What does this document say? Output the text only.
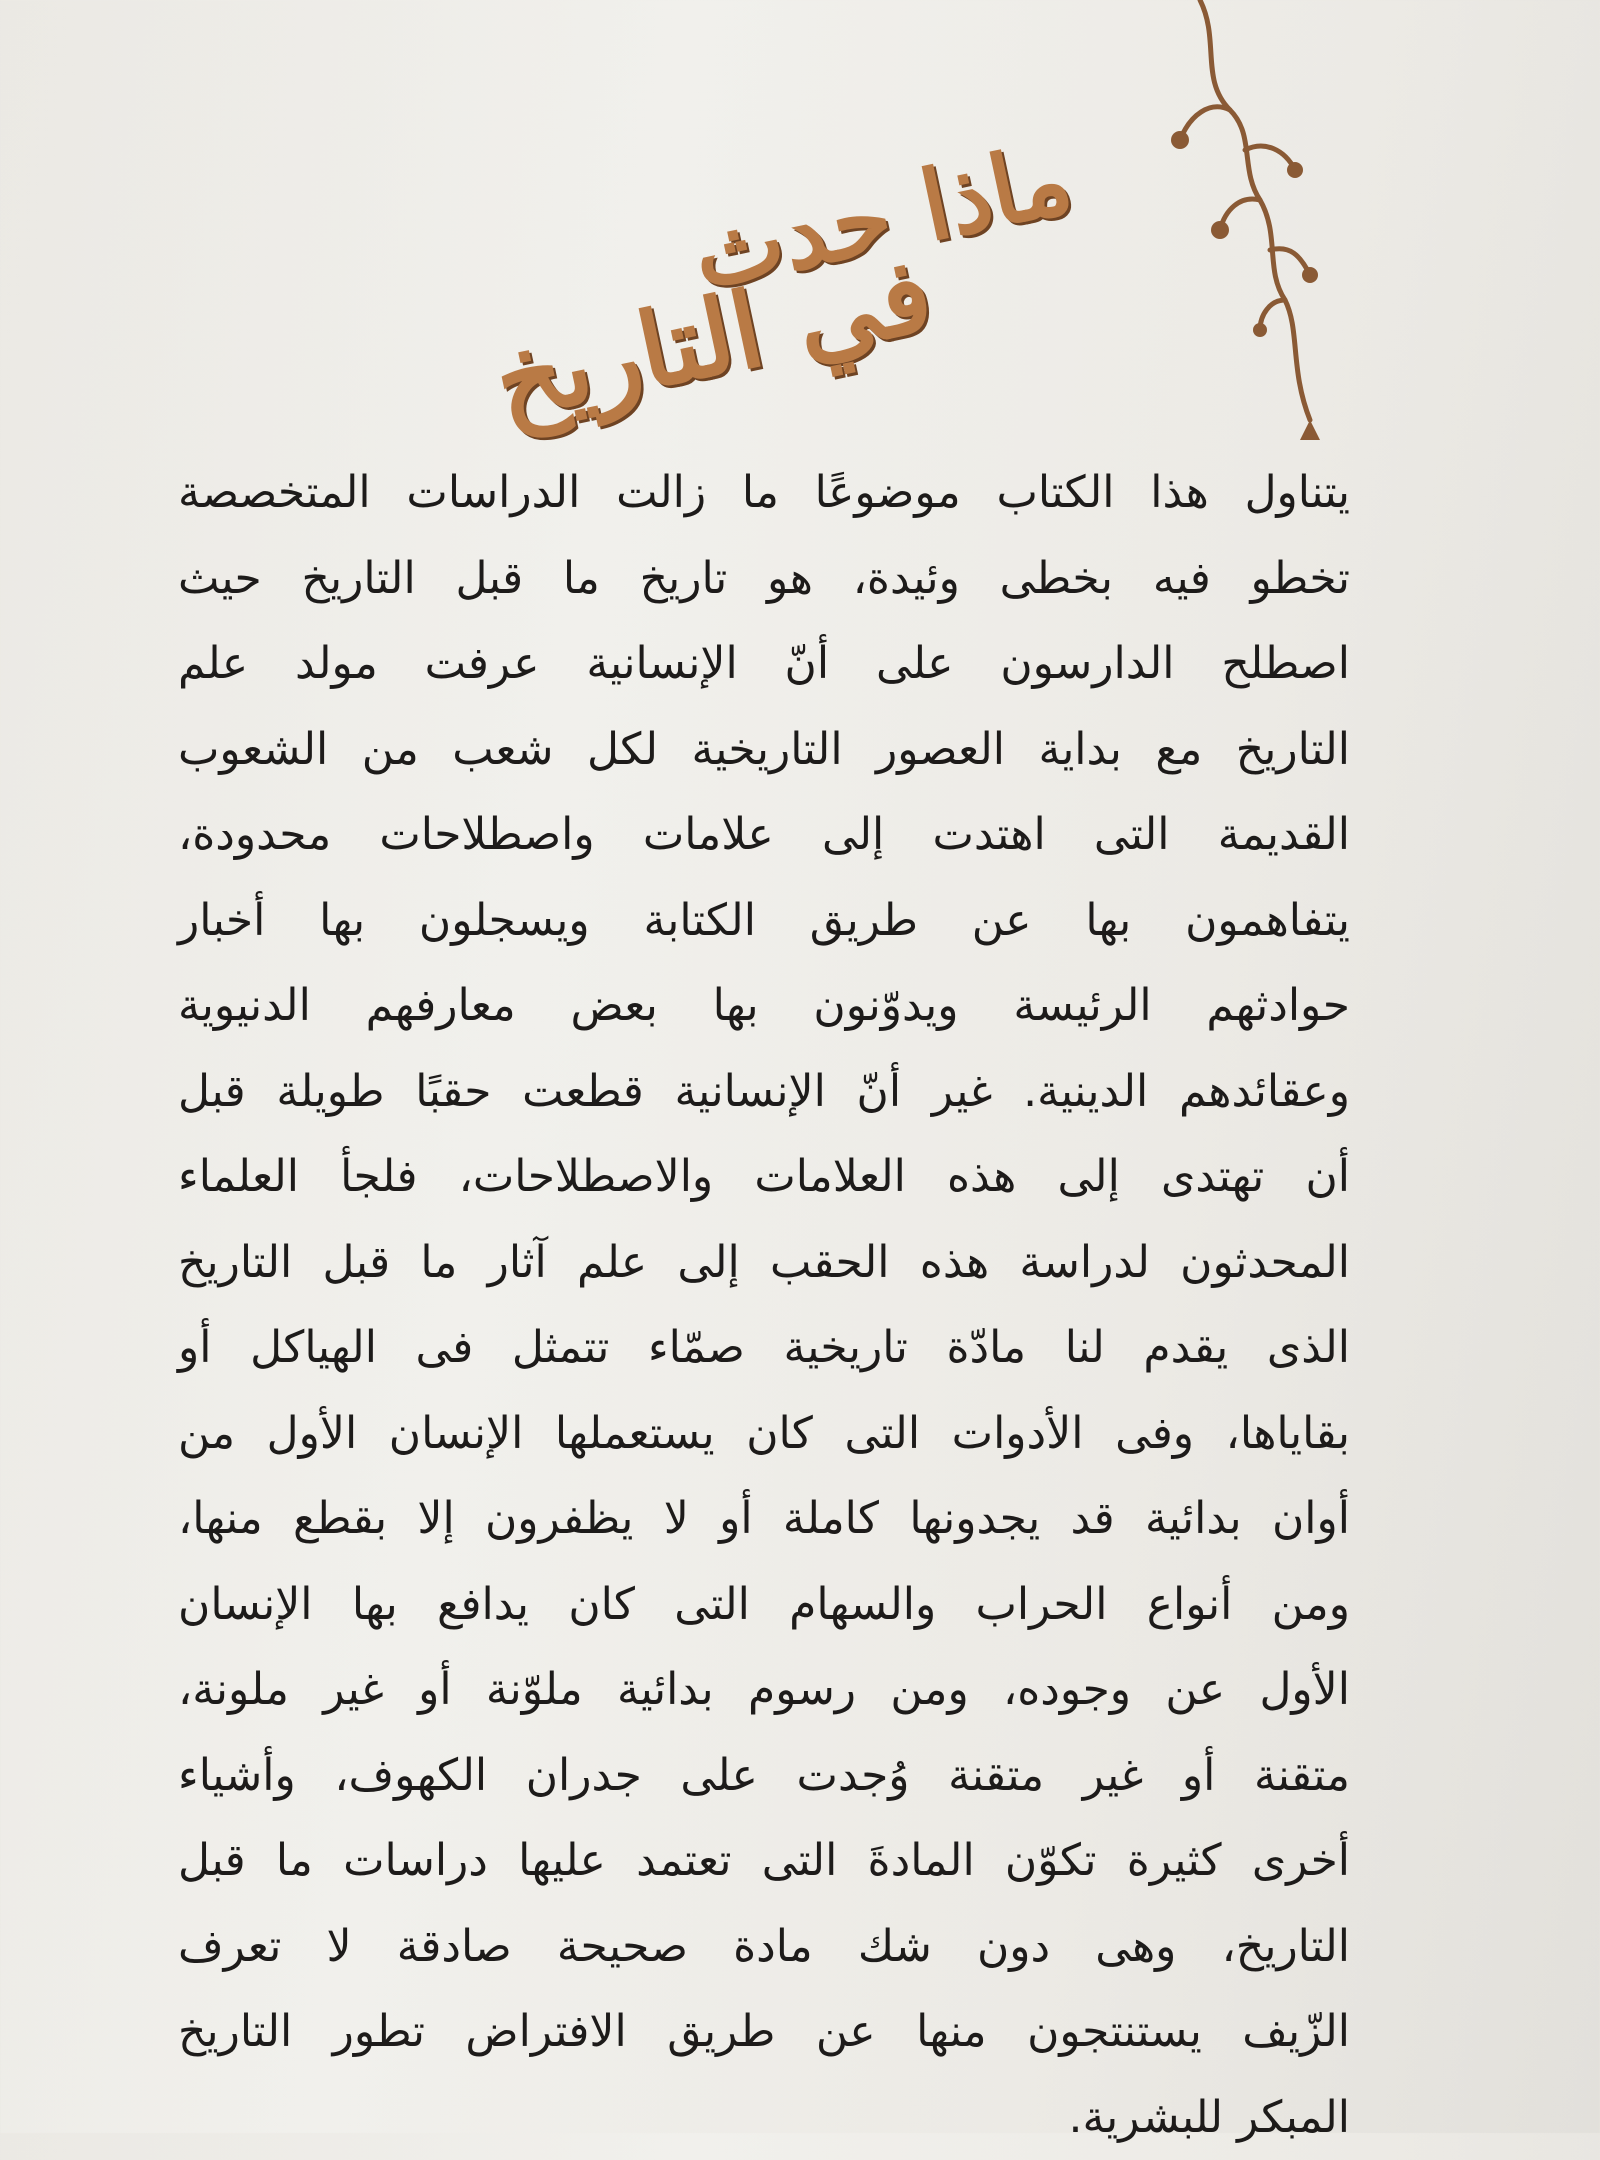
ماذا حدث
في التاريخ
يتناول هذا الكتاب موضوعًا ما زالت الدراسات المتخصصة
تخطو فيه بخطى وئيدة، هو تاريخ ما قبل التاريخ حيث
اصطلح الدارسون على أنّ الإنسانية عرفت مولد علم
التاريخ مع بداية العصور التاريخية لكل شعب من الشعوب
القديمة التى اهتدت إلى علامات واصطلاحات محدودة،
يتفاهمون بها عن طريق الكتابة ويسجلون بها أخبار
حوادثهم الرئيسة ويدوّنون بها بعض معارفهم الدنيوية
وعقائدهم الدينية. غير أنّ الإنسانية قطعت حقبًا طويلة قبل
أن تهتدى إلى هذه العلامات والاصطلاحات، فلجأ العلماء
المحدثون لدراسة هذه الحقب إلى علم آثار ما قبل التاريخ
الذى يقدم لنا مادّة تاريخية صمّاء تتمثل فى الهياكل أو
بقاياها، وفى الأدوات التى كان يستعملها الإنسان الأول من
أوان بدائية قد يجدونها كاملة أو لا يظفرون إلا بقطع منها،
ومن أنواع الحراب والسهام التى كان يدافع بها الإنسان
الأول عن وجوده، ومن رسوم بدائية ملوّنة أو غير ملونة،
متقنة أو غير متقنة وُجدت على جدران الكهوف، وأشياء
أخرى كثيرة تكوّن المادةَ التى تعتمد عليها دراسات ما قبل
التاريخ، وهى دون شك مادة صحيحة صادقة لا تعرف
الزّيف يستنتجون منها عن طريق الافتراض تطور التاريخ
المبكر للبشرية.
